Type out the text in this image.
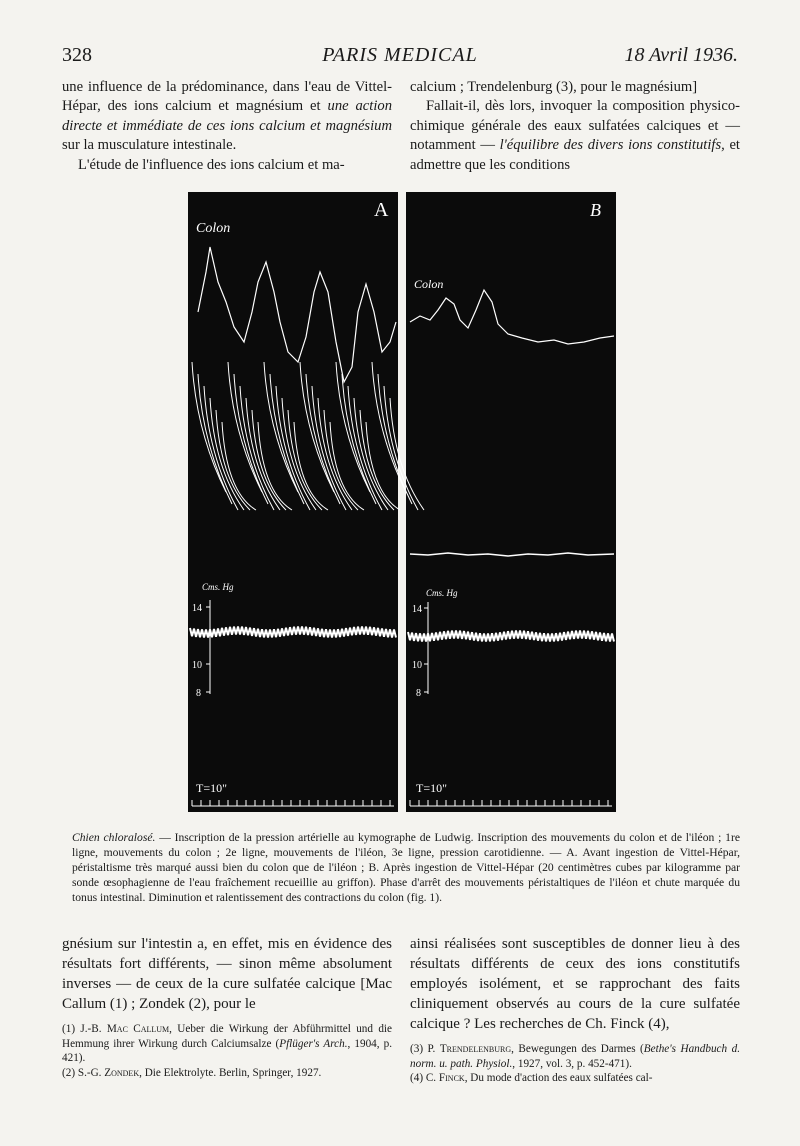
328	PARIS MEDICAL	18 Avril 1936.

une influence de la prédominance, dans l'eau de Vittel-Hépar, des ions calcium et magnésium et une action directe et immédiate de ces ions calcium et magnésium sur la musculature intestinale.

L'étude de l'influence des ions calcium et ma-

calcium ; Trendelenburg (3), pour le magnésium]

Fallait-il, dès lors, invoquer la composition physico-chimique générale des eaux sulfatées calciques et — notamment — l'équilibre des divers ions constitutifs, et admettre que les conditions

A
Colon
Cms. Hg
14
10
8
T=10"
B
Colon
Cms. Hg
14
10
8
T=10"

Chien chloralosé. — Inscription de la pression artérielle au kymographe de Ludwig. Inscription des mouvements du colon et de l'iléon ; 1re ligne, mouvements du colon ; 2e ligne, mouvements de l'iléon, 3e ligne, pression carotidienne. — A. Avant ingestion de Vittel-Hépar, péristaltisme très marqué aussi bien du colon que de l'iléon ; B. Après ingestion de Vittel-Hépar (20 centimètres cubes par kilogramme par sonde œsophagienne de l'eau fraîchement recueillie au griffon). Phase d'arrêt des mouvements péristaltiques de l'iléon et chute marquée du tonus intestinal. Diminution et ralentissement des contractions du colon (fig. 1).

gnésium sur l'intestin a, en effet, mis en évidence des résultats fort différents, — sinon même absolument inverses — de ceux de la cure sulfatée calcique [Mac Callum (1) ; Zondek (2), pour le

(1) J.-B. Mac Callum, Ueber die Wirkung der Abführmittel und die Hemmung ihrer Wirkung durch Calciumsalze (Pflüger's Arch., 1904, p. 421).

(2) S.-G. Zondek, Die Elektrolyte. Berlin, Springer, 1927.

ainsi réalisées sont susceptibles de donner lieu à des résultats différents de ceux des ions constitutifs employés isolément, et se rapprochant des faits cliniquement observés au cours de la cure sulfatée calcique ? Les recherches de Ch. Finck (4),

(3) P. Trendelenburg, Bewegungen des Darmes (Bethe's Handbuch d. norm. u. path. Physiol., 1927, vol. 3, p. 452-471).

(4) C. Finck, Du mode d'action des eaux sulfatées cal-
